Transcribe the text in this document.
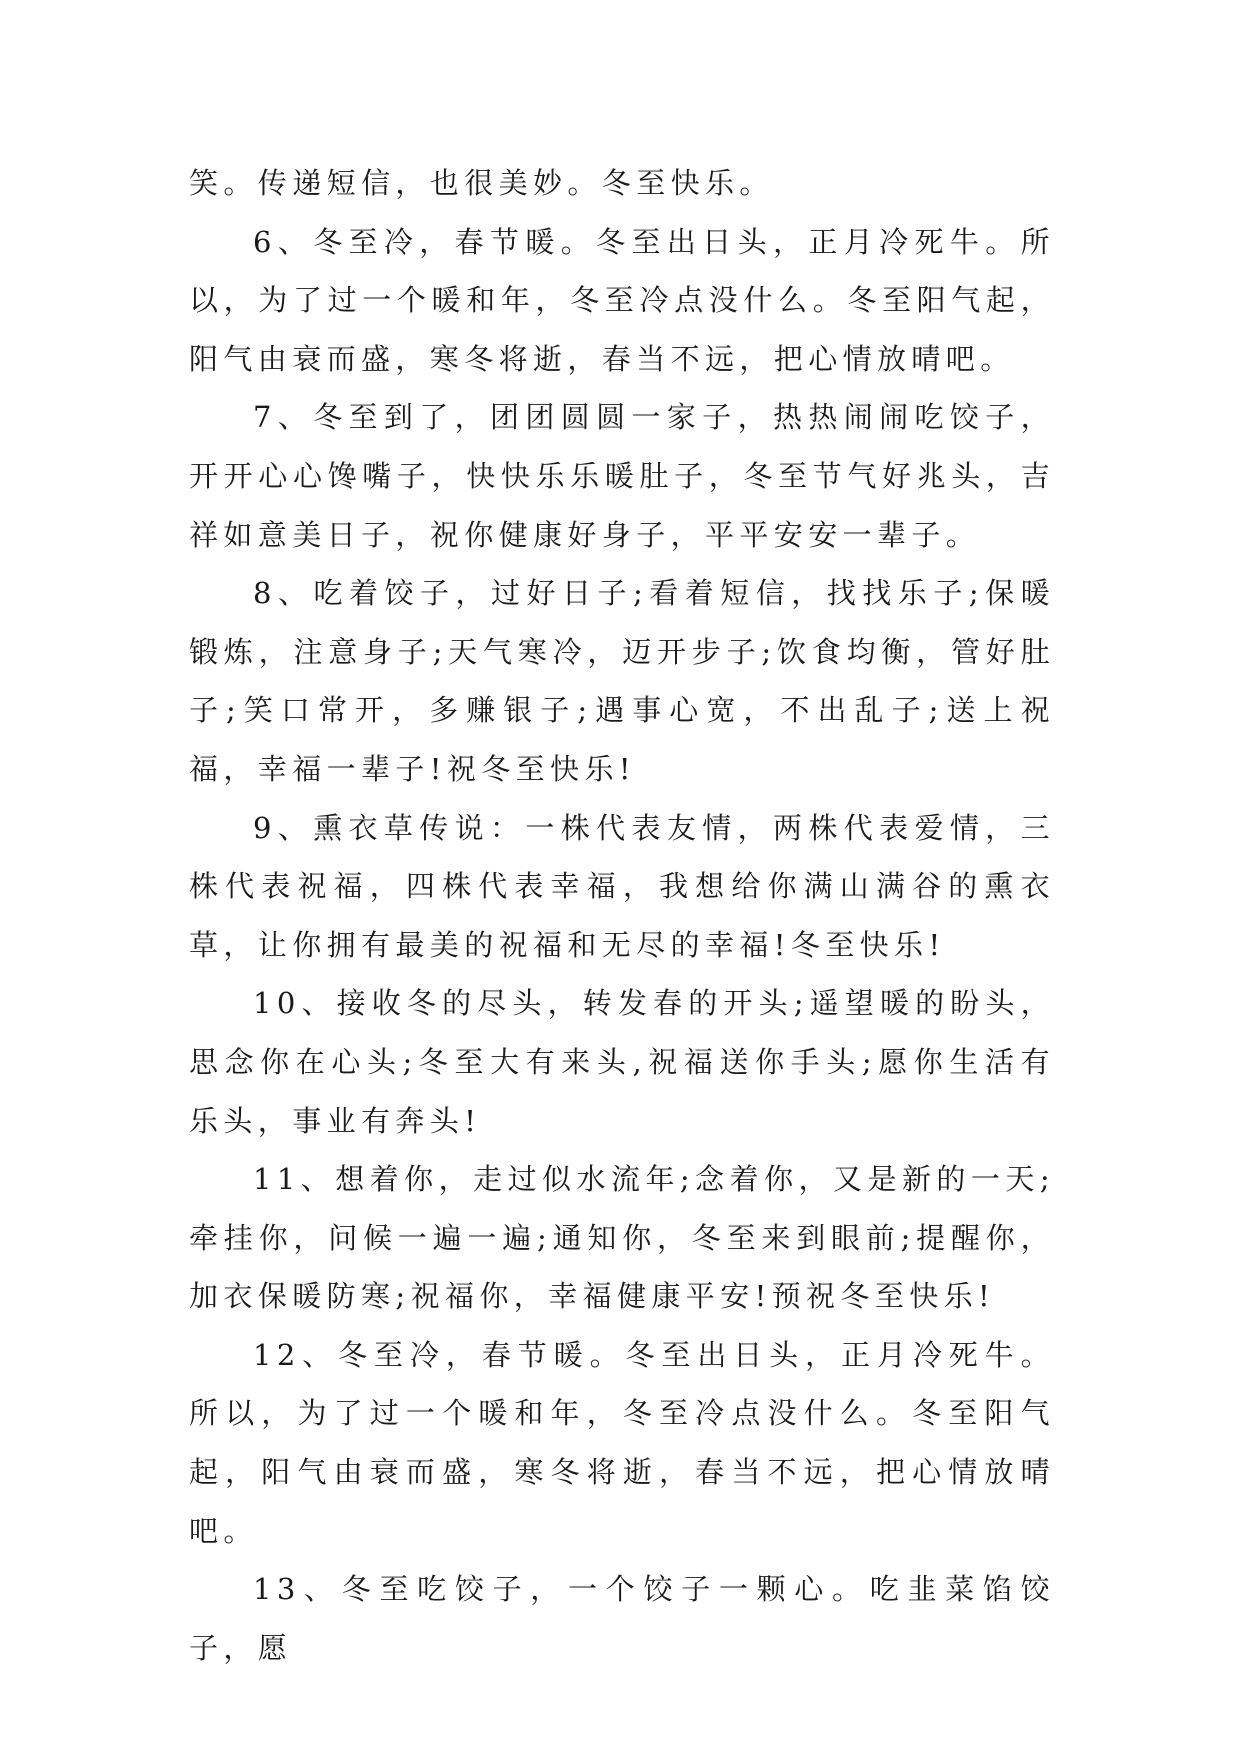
笑。传递短信，也很美妙。冬至快乐。

6、冬至冷，春节暖。冬至出日头，正月冷死牛。所以，为了过一个暖和年，冬至冷点没什么。冬至阳气起，阳气由衰而盛，寒冬将逝，春当不远，把心情放晴吧。

7、冬至到了，团团圆圆一家子，热热闹闹吃饺子，开开心心馋嘴子，快快乐乐暖肚子，冬至节气好兆头，吉祥如意美日子，祝你健康好身子，平平安安一辈子。

8、吃着饺子，过好日子;看着短信，找找乐子;保暖锻炼，注意身子;天气寒冷，迈开步子;饮食均衡，管好肚子;笑口常开，多赚银子;遇事心宽，不出乱子;送上祝福，幸福一辈子!祝冬至快乐!

9、熏衣草传说：一株代表友情，两株代表爱情，三株代表祝福，四株代表幸福，我想给你满山满谷的熏衣草，让你拥有最美的祝福和无尽的幸福!冬至快乐!

10、接收冬的尽头，转发春的开头;遥望暖的盼头，思念你在心头;冬至大有来头,祝福送你手头;愿你生活有乐头，事业有奔头!

11、想着你，走过似水流年;念着你，又是新的一天;牵挂你，问候一遍一遍;通知你，冬至来到眼前;提醒你，加衣保暖防寒;祝福你，幸福健康平安!预祝冬至快乐!

12、冬至冷，春节暖。冬至出日头，正月冷死牛。所以，为了过一个暖和年，冬至冷点没什么。冬至阳气起，阳气由衰而盛，寒冬将逝，春当不远，把心情放晴吧。

13、冬至吃饺子，一个饺子一颗心。吃韭菜馅饺子，愿
